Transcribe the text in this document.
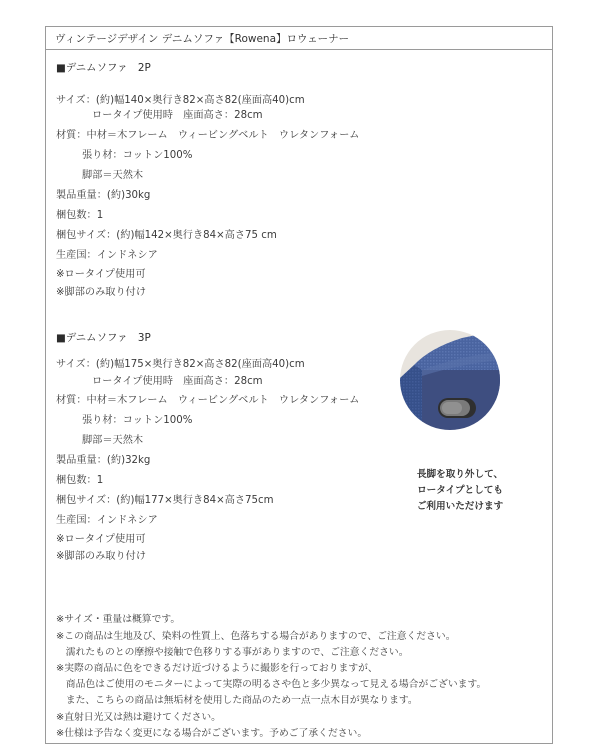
ヴィンテージデザイン デニムソファ【Rowena】ロウェーナー
■デニムソファ　2P
サイズ：(約)幅140×奥行き82×高さ82(座面高40)cm
ロータイプ使用時　座面高さ：28cm
材質：中材＝木フレーム　ウィービングベルト　ウレタンフォーム
張り材：コットン100%
脚部＝天然木
製品重量：(約)30kg
梱包数：1
梱包サイズ：(約)幅142×奥行き84×高さ75 cm
生産国：インドネシア
※ロータイプ使用可
※脚部のみ取り付け
■デニムソファ　3P
サイズ：(約)幅175×奥行き82×高さ82(座面高40)cm
ロータイプ使用時　座面高さ：28cm
材質：中材＝木フレーム　ウィービングベルト　ウレタンフォーム
張り材：コットン100%
脚部＝天然木
製品重量：(約)32kg
梱包数：1
梱包サイズ：(約)幅177×奥行き84×高さ75cm
生産国：インドネシア
※ロータイプ使用可
※脚部のみ取り付け
長脚を取り外して、
ロータイプとしても
ご利用いただけます
※サイズ・重量は概算です。
※この商品は生地及び、染料の性質上、色落ちする場合がありますので、ご注意ください。
　濡れたものとの摩擦や接触で色移りする事がありますので、ご注意ください。
※実際の商品に色をできるだけ近づけるように撮影を行っておりますが、
　商品色はご使用のモニターによって実際の明るさや色と多少異なって見える場合がございます。
　また、こちらの商品は無垢材を使用した商品のため一点一点木目が異なります。
※直射日光又は熱は避けてください。
※仕様は予告なく変更になる場合がございます。予めご了承ください。
